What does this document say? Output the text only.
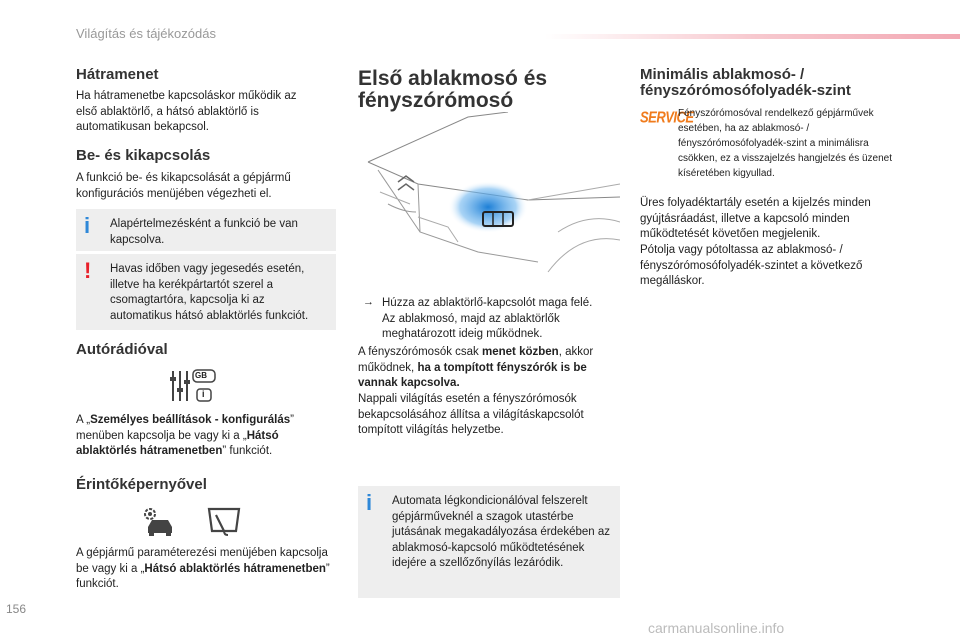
Világítás és tájékozódás
Hátramenet

Ha hátramenetbe kapcsoláskor működik az első ablaktörlő, a hátsó ablaktörlő is automatikusan bekapcsol.

Be- és kikapcsolás

A funkció be- és kikapcsolását a gépjármű konfigurációs menüjében végezheti el.

i Alapértelmezésként a funkció be van kapcsolva.
! Havas időben vagy jegesedés esetén, illetve ha kerékpártartót szerel a csomagtartóra, kapcsolja ki az automatikus hátsó ablaktörlés funkciót.
Autórádióval
GB
i

A „Személyes beállítások - konfigurálás” menüben kapcsolja be vagy ki a „Hátsó ablaktörlés hátramenetben” funkciót.

Érintőképernyővel

A gépjármű paraméterezési menüjében kapcsolja be vagy ki a „Hátsó ablaktörlés hátramenetben” funkciót.

Első ablakmosó és
fényszórómosó
→ Húzza az ablaktörlő-kapcsolót maga felé. Az ablakmosó, majd az ablaktörlők meghatározott ideig működnek.

A fényszórómosók csak menet közben, akkor működnek, ha a tompított fényszórók is be vannak kapcsolva.

Nappali világítás esetén a fényszórómosók bekapcsolásához állítsa a világításkapcsolót tompított világítás helyzetbe.

i Automata légkondicionálóval felszerelt gépjárműveknél a szagok utastérbe jutásának megakadályozása érdekében az ablakmosó-kapcsoló működtetésének idejére a szellőzőnyílás lezáródik.
Minimális ablakmosó- /
fényszórómosófolyadék-szint
SERVICE

Fényszórómosóval rendelkező gépjárművek esetében, ha az ablakmosó- / fényszórómosófolyadék-szint a minimálisra csökken, ez a visszajelzés hangjelzés és üzenet kíséretében kigyullad.

Üres folyadéktartály esetén a kijelzés minden gyújtásráadást, illetve a kapcsoló minden működtetését követően megjelenik.

Pótolja vagy pótoltassa az ablakmosó- / fényszórómosófolyadék-szintet a következő megálláskor.

156
carmanualsonline.info
